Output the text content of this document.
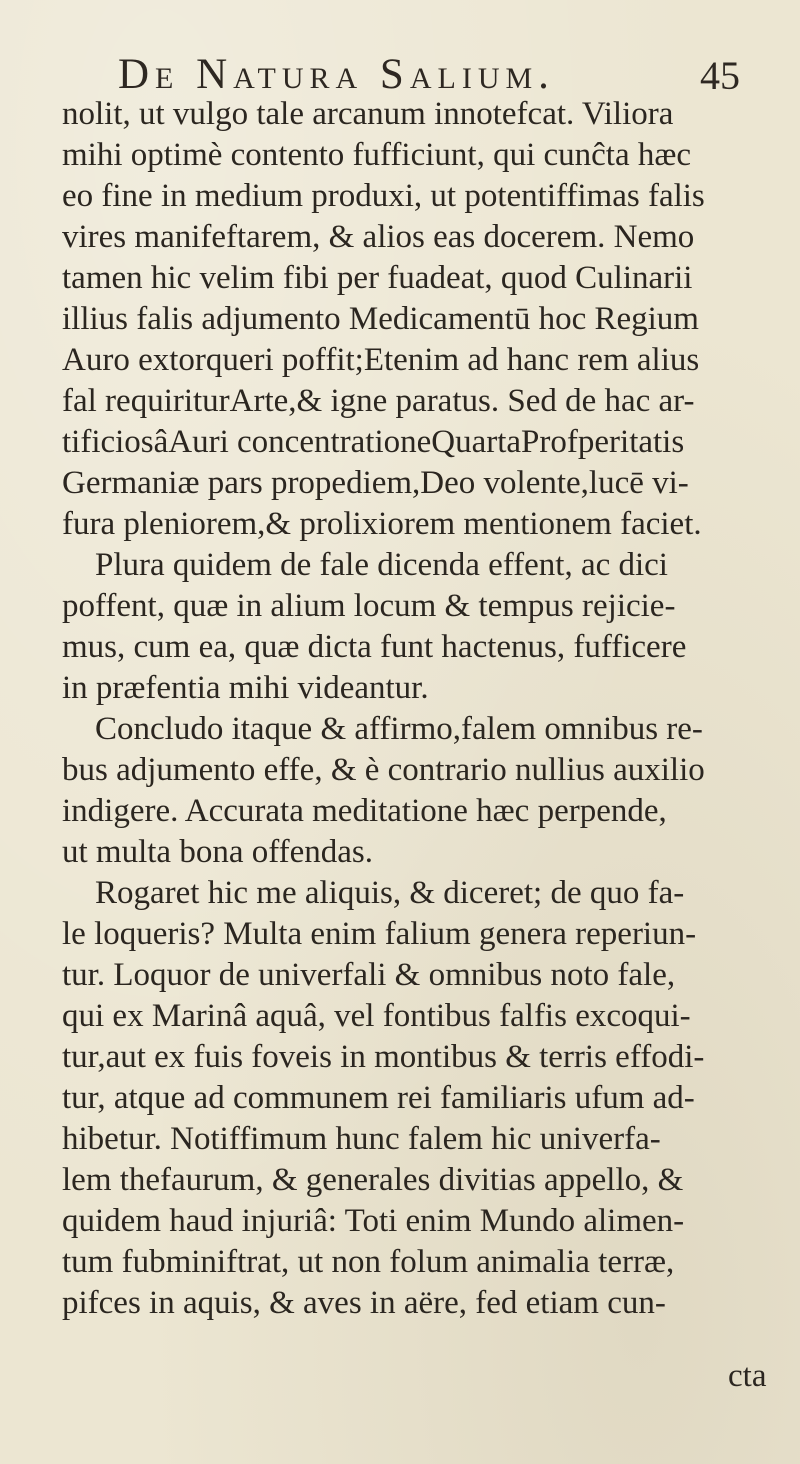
De Natura Salium.	45
nolit, ut vulgo tale arcanum innotefcat. Viliora
mihi optimè contento fufficiunt, qui cunĉta hæc
eo fine in medium produxi, ut potentiffimas falis
vires manifeftarem, & alios eas docerem. Nemo
tamen hic velim fibi per fuadeat, quod Culinarii
illius falis adjumento Medicamentū hoc Regium
Auro extorqueri poffit;Etenim ad hanc rem alius
fal requiriturArte,& igne paratus. Sed de hac ar-
tificiosâAuri concentrationeQuartaProfperitatis
Germaniæ pars propediem,Deo volente,lucē vi-
fura pleniorem,& prolixiorem mentionem faciet.
Plura quidem de fale dicenda effent, ac dici
poffent, quæ in alium locum & tempus rejicie-
mus, cum ea, quæ dicta funt hactenus, fufficere
in præfentia mihi videantur.
Concludo itaque & affirmo,falem omnibus re-
bus adjumento effe, & è contrario nullius auxilio
indigere. Accurata meditatione hæc perpende,
ut multa bona offendas.
Rogaret hic me aliquis, & diceret; de quo fa-
le loqueris? Multa enim falium genera reperiun-
tur. Loquor de univerfali & omnibus noto fale,
qui ex Marinâ aquâ, vel fontibus falfis excoqui-
tur,aut ex fuis foveis in montibus & terris effodi-
tur, atque ad communem rei familiaris ufum ad-
hibetur. Notiffimum hunc falem hic univerfa-
lem thefaurum, & generales divitias appello, &
quidem haud injuriâ: Toti enim Mundo alimen-
tum fubminiftrat, ut non folum animalia terræ,
pifces in aquis, & aves in aëre, fed etiam cun-
cta
